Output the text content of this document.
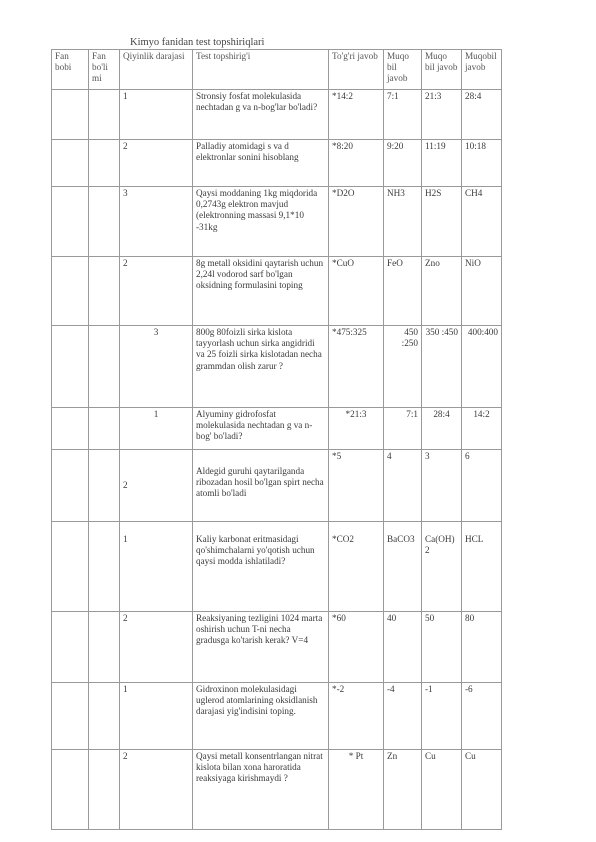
Kimyo fanidan test topshiriqlari
Fan bobi	Fan bo'li mi	Qiyinlik darajasi	Test topshirig'i	To'g'ri javob	Muqo bil javob	Muqo bil javob	Muqobil javob
		1	Stronsiy fosfat molekulasida nechtadan g va n-bog'lar bo'ladi?	*14:2	7:1	21:3	28:4
		2	Palladiy atomidagi s va d elektronlar sonini hisoblang	*8:20	9:20	11:19	10:18
		3	Qaysi moddaning 1kg miqdorida 0,2743g elektron mavjud (elektronning massasi 9,1*10 -31kg	*D2O	NH3	H2S	CH4
		2	8g metall oksidini qaytarish uchun 2,24l vodorod sarf bo'lgan oksidning formulasini toping	*CuO	FeO	Zno	NiO
		3	800g 80foizli sirka kislota tayyorlash uchun sirka angidridi va 25 foizli sirka kislotadan necha grammdan olish zarur ?	*475:325	450 :250	350 :450	400:400
		1	Alyuminy gidrofosfat molekulasida nechtadan g va n-bog' bo'ladi?	*21:3	7:1	28:4	14:2
		2	Aldegid guruhi qaytarilganda ribozadan hosil bo'lgan spirt necha atomli bo'ladi	*5	4	3	6
		1	Kaliy karbonat eritmasidagi qo'shimchalarni yo'qotish uchun qaysi modda ishlatiladi?	*CO2	BaCO3	Ca(OH)2	HCL
		2	Reaksiyaning tezligini 1024 marta oshirish uchun T-ni necha gradusga ko'tarish kerak? V=4	*60	40	50	80
		1	Gidroxinon molekulasidagi uglerod atomlarining oksidlanish darajasi yig'indisini toping.	*-2	-4	-1	-6
		2	Qaysi metall konsentrlangan nitrat kislota bilan xona haroratida reaksiyaga kirishmaydi ?	* Pt	Zn	Cu	Cu
